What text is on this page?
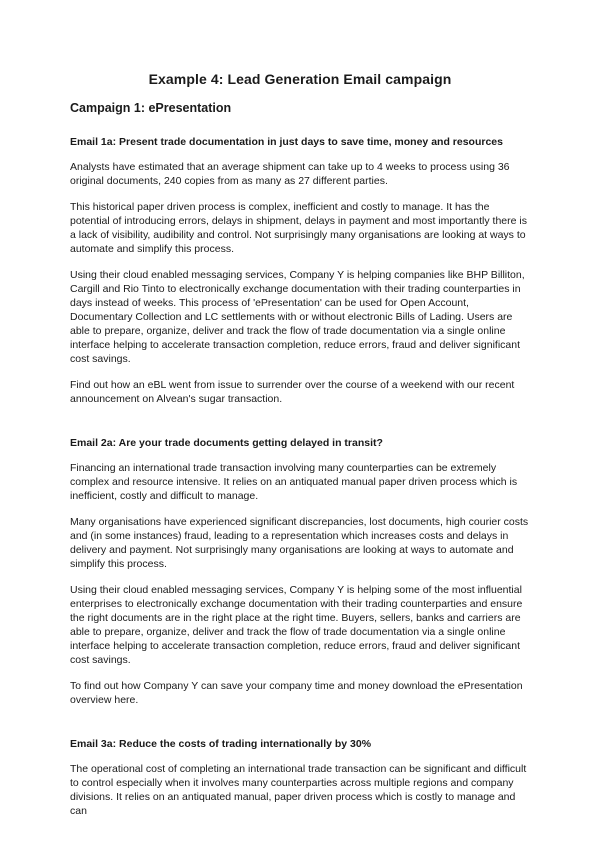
Example 4: Lead Generation Email campaign
Campaign 1: ePresentation
Email 1a: Present trade documentation in just days to save time, money and resources

Analysts have estimated that an average shipment can take up to 4 weeks to process using 36 original documents, 240 copies from as many as 27 different parties.

This historical paper driven process is complex, inefficient and costly to manage. It has the potential of introducing errors, delays in shipment, delays in payment and most importantly there is a lack of visibility, audibility and control. Not surprisingly many organisations are looking at ways to automate and simplify this process.

Using their cloud enabled messaging services, Company Y is helping companies like BHP Billiton, Cargill and Rio Tinto to electronically exchange documentation with their trading counterparties in days instead of weeks. This process of 'ePresentation' can be used for Open Account, Documentary Collection and LC settlements with or without electronic Bills of Lading. Users are able to prepare, organize, deliver and track the flow of trade documentation via a single online interface helping to accelerate transaction completion, reduce errors, fraud and deliver significant cost savings.

Find out how an eBL went from issue to surrender over the course of a weekend with our recent announcement on Alvean's sugar transaction.

Email 2a: Are your trade documents getting delayed in transit?

Financing an international trade transaction involving many counterparties can be extremely complex and resource intensive. It relies on an antiquated manual paper driven process which is inefficient, costly and difficult to manage.

Many organisations have experienced significant discrepancies, lost documents, high courier costs and (in some instances) fraud, leading to a representation which increases costs and delays in delivery and payment. Not surprisingly many organisations are looking at ways to automate and simplify this process.

Using their cloud enabled messaging services, Company Y is helping some of the most influential enterprises to electronically exchange documentation with their trading counterparties and ensure the right documents are in the right place at the right time. Buyers, sellers, banks and carriers are able to prepare, organize, deliver and track the flow of trade documentation via a single online interface helping to accelerate transaction completion, reduce errors, fraud and deliver significant cost savings.

To find out how Company Y can save your company time and money download the ePresentation overview here.

Email 3a: Reduce the costs of trading internationally by 30%

The operational cost of completing an international trade transaction can be significant and difficult to control especially when it involves many counterparties across multiple regions and company divisions. It relies on an antiquated manual, paper driven process which is costly to manage and can
